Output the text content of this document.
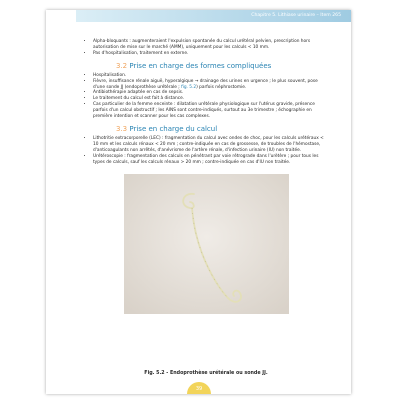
Chapitre 5. Lithiase urinaire – Item 265
• Alpha-bloquants : augmenteraient l'expulsion spontanée du calcul urétéral pelvien, prescription hors autorisation de mise sur le marché (AMM), uniquement pour les calculs < 10 mm.
• Pas d'hospitalisation, traitement en externe.
3.2 Prise en charge des formes compliquées
• Hospitalisation.
• Fièvre, insuffisance rénale aiguë, hyperalgique → drainage des urines en urgence ; le plus souvent, pose d'une sonde JJ (endoprothèse urétérale ; fig. 5.2) parfois néphrostomie.
• Antibiothérapie adaptée en cas de sepsis.
• Le traitement du calcul est fait à distance.
• Cas particulier de la femme enceinte : dilatation urétérale physiologique sur l'utérus gravide, présence parfois d'un calcul obstructif ; les AINS sont contre-indiqués, surtout au 3e trimestre ; échographie en première intention et scanner pour les cas complexes.
3.3 Prise en charge du calcul
• Lithotritie extracorporelle (LEC) : fragmentation du calcul avec ondes de choc, pour les calculs urétéraux < 10 mm et les calculs rénaux < 20 mm ; contre-indiquée en cas de grossesse, de troubles de l'hémostase, d'anticoagulants non arrêtés, d'anévrisme de l'artère rénale, d'infection urinaire (IU) non traitée.
• Urétéroscopie : fragmentation des calculs en pénétrant par voie rétrograde dans l'urètère ; pour tous les types de calculs, sauf les calculs rénaux > 20 mm ; contre-indiquée en cas d'IU non traitée.
Fig. 5.2 - Endoprothèse urétérale ou sonde JJ.
39
